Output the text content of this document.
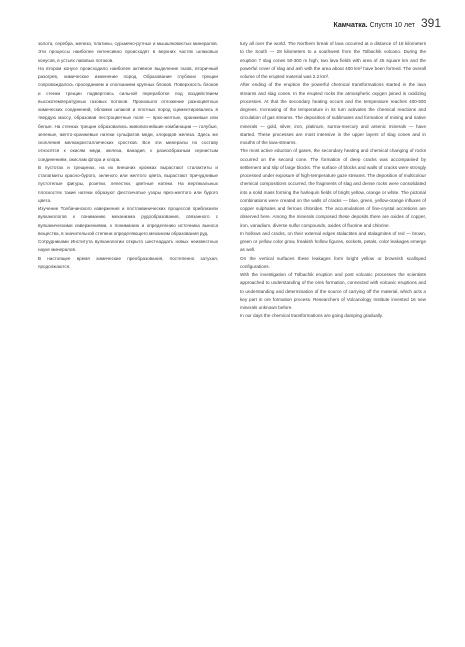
Камчатка. Спустя 10 лет 391

золота, серебра, железа, платины, сурьмяно-рутных и мышьяковистых минералов. Эти процессы наиболее интенсивно происходят в верхних частях шлаковых конусов, в устьях лавовых потоков.

На втором конусе происходило наиболее активное выделение газов, вторичный разогрев, химическое изменение пород. Образование глубоких трещин сопровождалось проседанием и сползанием крупных блоков. Поверхность блоков и стенки трещин подверглись сильной переработке под воздействием высокотемпературных газовых потоков. Произошло отложение разноцветных химических соединений, обломки шлаков и плотных пород сцементировались в твердую массу, образовав пестроцветные поля — ярко-желтые, оранжевые или белые. На стенках трещин образовались живописнейшие комбинации — голубые, зеленые, желто-оранжевые натеки сульфатов меди, хлоридов железа. Здесь же скопления мелкокристаллических сростков. Все эти минералы по составу относятся к окисям меди, железа, ванадия, к разнообразным сернистым соединениям, окислам фтора и хлора.

В пустотах и трещинах, на их внешних кромках вырастают сталактиты и сталагмиты красно-бурого, зеленого или желтого цвета, вырастают причудливые пустотелые фигуры, розетки, лепестки, цветные натеки. На вертикальных плоскостях такие натеки образуют фестончатые узоры ярко-желтого или бурого цвета.

Изучение Толбачинского извержения и постлавинических процессов приблизили вулканологов к пониманию механизма рудообразования, связанного с вулканическими извержениями, к пониманию и определению источника выноса вещества, в значительной степени определяющего механизм образования руд.

Сотрудниками Института вулканологии открыто шестнадцать новых неизвестных науке минералов.

В настоящее время химические преобразования, постепенно затухая, продолжаются.

tury all over the world. The Northern break of lava occurred at a distance of 18 kilometers to the South — 28 kilometers to a southwest from the Tolbachik volcano. During the eruption 7 slag cones 50-300 m high, two lava fields with area of 45 square km and the powerful cover of slag and ash with the area about 400 km² have been formed. The overall volume of the erupted material was 2.2 km³.

After ending of the eruption the powerful chemical transformations started in the lava streams and slag cones. In the erupted rocks the atmospheric oxygen joined in oxidizing processes. At that the secondary heating occurs and the temperature reaches 400-500 degrees. Increasing of the temperature in its turn activates the chemical reactions and circulation of gas streams. The deposition of sublimates and formation of mining and native minerals — gold, silver, iron, platinum, surma-mercury and arsenic minerals — have started. These processes are most intensive in the upper layers of slag cones and in mouths of the lava-streams.

The most active eduction of gases, the secondary heating and chemical changing of rocks occurred on the second cone. The formation of deep cracks was accompanied by settlement and slip of large blocks. The surface of blocks and walls of cracks were strongly processed under exposure of high-temperature gaze streams. The deposition of multicolour chemical compositions occurred, the fragments of slag and dense rocks were consolidated into a solid mass forming the harlequin fields of bright yellow, orange or white. The pictorial combinations were created on the walls of cracks — blue, green, yellow-orange influxes of copper sulphates and ferrous chlorides. The accumulations of fine-crystal accretions are observed here. Among the minerals composed these deposits there are oxides of copper, iron, vanadium, diverse sulfur compounds, oxides of fluorine and chlorine.

In hollows and cracks, on their external edges stalactites and stalagmites of red — brown, green or yellow color grow, freakish hollow figures, sockets, petals, color leakages emerge as well.

On the vertical surfaces these leakages form bright yellow or brownish scalloped configurations.

With the investigation of Tolbachik eruption and post volcanic processes the scientists approached to understanding of the ores formation, connected with volcanic eruptions and to understanding and determination of the source of carrying off the material, which acts a key part in ore formation process. Researchers of Volcanology Institute invented 16 new minerals unknown before.

In our days the chemical transformations are going damping gradually.
